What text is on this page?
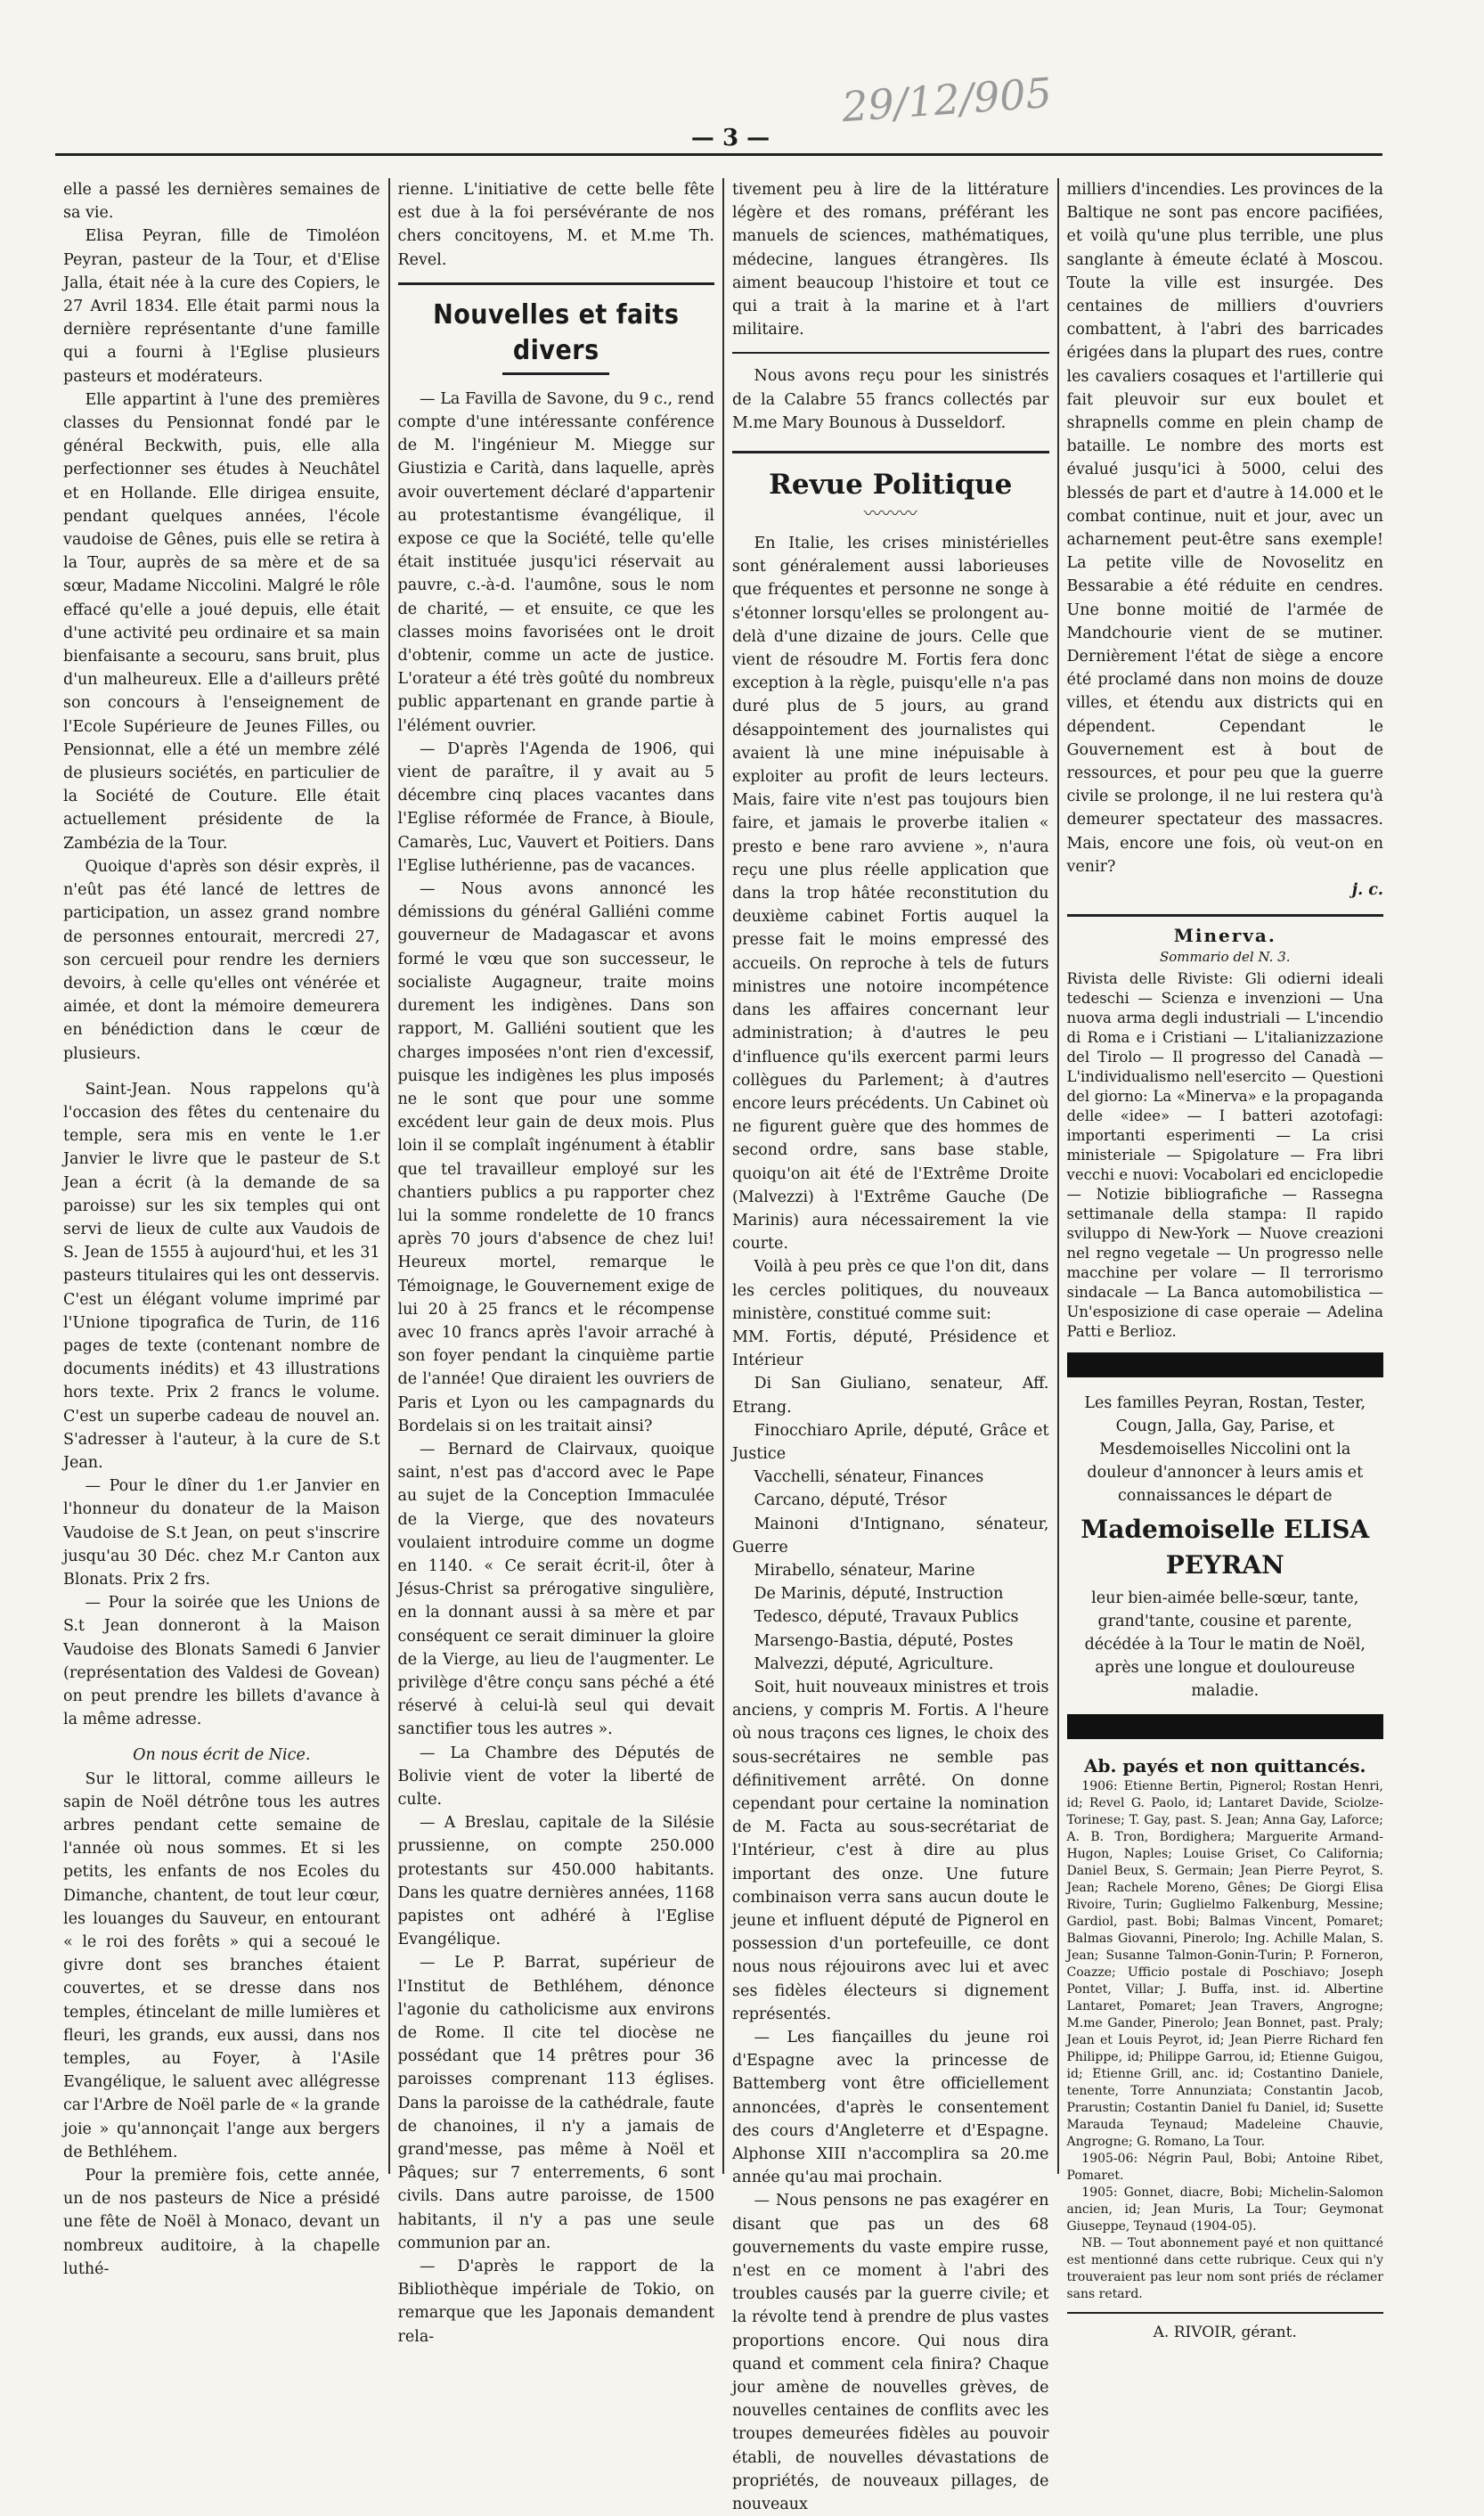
29/12/905
— 3 —

elle a passé les dernières semaines de sa vie.

Elisa Peyran, fille de Timoléon Peyran, pasteur de la Tour, et d'Elise Jalla, était née à la cure des Copiers, le 27 Avril 1834. Elle était parmi nous la dernière représentante d'une famille qui a fourni à l'Eglise plusieurs pasteurs et modérateurs.

Elle appartint à l'une des premières classes du Pensionnat fondé par le général Beckwith, puis, elle alla perfectionner ses études à Neuchâtel et en Hollande. Elle dirigea ensuite, pendant quelques années, l'école vaudoise de Gênes, puis elle se retira à la Tour, auprès de sa mère et de sa sœur, Madame Niccolini. Malgré le rôle effacé qu'elle a joué depuis, elle était d'une activité peu ordinaire et sa main bienfaisante a secouru, sans bruit, plus d'un malheureux. Elle a d'ailleurs prêté son concours à l'enseignement de l'Ecole Supérieure de Jeunes Filles, ou Pensionnat, elle a été un membre zélé de plusieurs sociétés, en particulier de la Société de Couture. Elle était actuellement présidente de la Zambézia de la Tour.

Quoique d'après son désir exprès, il n'eût pas été lancé de lettres de participation, un assez grand nombre de personnes entourait, mercredi 27, son cercueil pour rendre les derniers devoirs, à celle qu'elles ont vénérée et aimée, et dont la mémoire demeurera en bénédiction dans le cœur de plusieurs.

Saint-Jean. Nous rappelons qu'à l'occasion des fêtes du centenaire du temple, sera mis en vente le 1.er Janvier le livre que le pasteur de S.t Jean a écrit (à la demande de sa paroisse) sur les six temples qui ont servi de lieux de culte aux Vaudois de S. Jean de 1555 à aujourd'hui, et les 31 pasteurs titulaires qui les ont desservis. C'est un élégant volume imprimé par l'Unione tipografica de Turin, de 116 pages de texte (contenant nombre de documents inédits) et 43 illustrations hors texte. Prix 2 francs le volume. C'est un superbe cadeau de nouvel an. S'adresser à l'auteur, à la cure de S.t Jean.

— Pour le dîner du 1.er Janvier en l'honneur du donateur de la Maison Vaudoise de S.t Jean, on peut s'inscrire jusqu'au 30 Déc. chez M.r Canton aux Blonats. Prix 2 frs.

— Pour la soirée que les Unions de S.t Jean donneront à la Maison Vaudoise des Blonats Samedi 6 Janvier (représentation des Valdesi de Govean) on peut prendre les billets d'avance à la même adresse.

On nous écrit de Nice.

Sur le littoral, comme ailleurs le sapin de Noël détrône tous les autres arbres pendant cette semaine de l'année où nous sommes. Et si les petits, les enfants de nos Ecoles du Dimanche, chantent, de tout leur cœur, les louanges du Sauveur, en entourant « le roi des forêts » qui a secoué le givre dont ses branches étaient couvertes, et se dresse dans nos temples, étincelant de mille lumières et fleuri, les grands, eux aussi, dans nos temples, au Foyer, à l'Asile Evangélique, le saluent avec allégresse car l'Arbre de Noël parle de « la grande joie » qu'annonçait l'ange aux bergers de Bethléhem.

Pour la première fois, cette année, un de nos pasteurs de Nice a présidé une fête de Noël à Monaco, devant un nombreux auditoire, à la chapelle luthé-

rienne. L'initiative de cette belle fête est due à la foi persévérante de nos chers concitoyens, M. et M.me Th. Revel.

Nouvelles et faits divers

— La Favilla de Savone, du 9 c., rend compte d'une intéressante conférence de M. l'ingénieur M. Miegge sur Giustizia e Carità, dans laquelle, après avoir ouvertement déclaré d'appartenir au protestantisme évangélique, il expose ce que la Société, telle qu'elle était instituée jusqu'ici réservait au pauvre, c.-à-d. l'aumône, sous le nom de charité, — et ensuite, ce que les classes moins favorisées ont le droit d'obtenir, comme un acte de justice. L'orateur a été très goûté du nombreux public appartenant en grande partie à l'élément ouvrier.

— D'après l'Agenda de 1906, qui vient de paraître, il y avait au 5 décembre cinq places vacantes dans l'Eglise réformée de France, à Bioule, Camarès, Luc, Vauvert et Poitiers. Dans l'Eglise luthérienne, pas de vacances.

— Nous avons annoncé les démissions du général Galliéni comme gouverneur de Madagascar et avons formé le vœu que son successeur, le socialiste Augagneur, traite moins durement les indigènes. Dans son rapport, M. Galliéni soutient que les charges imposées n'ont rien d'excessif, puisque les indigènes les plus imposés ne le sont que pour une somme excédent leur gain de deux mois. Plus loin il se complaît ingénument à établir que tel travailleur employé sur les chantiers publics a pu rapporter chez lui la somme rondelette de 10 francs après 70 jours d'absence de chez lui! Heureux mortel, remarque le Témoignage, le Gouvernement exige de lui 20 à 25 francs et le récompense avec 10 francs après l'avoir arraché à son foyer pendant la cinquième partie de l'année! Que diraient les ouvriers de Paris et Lyon ou les campagnards du Bordelais si on les traitait ainsi?

— Bernard de Clairvaux, quoique saint, n'est pas d'accord avec le Pape au sujet de la Conception Immaculée de la Vierge, que des novateurs voulaient introduire comme un dogme en 1140. « Ce serait écrit-il, ôter à Jésus-Christ sa prérogative singulière, en la donnant aussi à sa mère et par conséquent ce serait diminuer la gloire de la Vierge, au lieu de l'augmenter. Le privilège d'être conçu sans péché a été réservé à celui-là seul qui devait sanctifier tous les autres ».

— La Chambre des Députés de Bolivie vient de voter la liberté de culte.

— A Breslau, capitale de la Silésie prussienne, on compte 250.000 protestants sur 450.000 habitants. Dans les quatre dernières années, 1168 papistes ont adhéré à l'Eglise Evangélique.

— Le P. Barrat, supérieur de l'Institut de Bethléhem, dénonce l'agonie du catholicisme aux environs de Rome. Il cite tel diocèse ne possédant que 14 prêtres pour 36 paroisses comprenant 113 églises. Dans la paroisse de la cathédrale, faute de chanoines, il n'y a jamais de grand'messe, pas même à Noël et Pâques; sur 7 enterrements, 6 sont civils. Dans autre paroisse, de 1500 habitants, il n'y a pas une seule communion par an.

— D'après le rapport de la Bibliothèque impériale de Tokio, on remarque que les Japonais demandent rela-

tivement peu à lire de la littérature légère et des romans, préférant les manuels de sciences, mathématiques, médecine, langues étrangères. Ils aiment beaucoup l'histoire et tout ce qui a trait à la marine et à l'art militaire.

Nous avons reçu pour les sinistrés de la Calabre 55 francs collectés par M.me Mary Bounous à Dusseldorf.

Revue Politique
〰〰〰

En Italie, les crises ministérielles sont généralement aussi laborieuses que fréquentes et personne ne songe à s'étonner lorsqu'elles se prolongent au-delà d'une dizaine de jours. Celle que vient de résoudre M. Fortis fera donc exception à la règle, puisqu'elle n'a pas duré plus de 5 jours, au grand désappointement des journalistes qui avaient là une mine inépuisable à exploiter au profit de leurs lecteurs. Mais, faire vite n'est pas toujours bien faire, et jamais le proverbe italien « presto e bene raro avviene », n'aura reçu une plus réelle application que dans la trop hâtée reconstitution du deuxième cabinet Fortis auquel la presse fait le moins empressé des accueils. On reproche à tels de futurs ministres une notoire incompétence dans les affaires concernant leur administration; à d'autres le peu d'influence qu'ils exercent parmi leurs collègues du Parlement; à d'autres encore leurs précédents. Un Cabinet où ne figurent guère que des hommes de second ordre, sans base stable, quoiqu'on ait été de l'Extrême Droite (Malvezzi) à l'Extrême Gauche (De Marinis) aura nécessairement la vie courte.

Voilà à peu près ce que l'on dit, dans les cercles politiques, du nouveaux ministère, constitué comme suit:

MM. Fortis, député, Présidence et Intérieur

Di San Giuliano, senateur, Aff. Etrang.

Finocchiaro Aprile, député, Grâce et Justice

Vacchelli, sénateur, Finances

Carcano, député, Trésor

Mainoni d'Intignano, sénateur, Guerre

Mirabello, sénateur, Marine

De Marinis, député, Instruction

Tedesco, député, Travaux Publics

Marsengo-Bastia, député, Postes

Malvezzi, député, Agriculture.

Soit, huit nouveaux ministres et trois anciens, y compris M. Fortis. A l'heure où nous traçons ces lignes, le choix des sous-secrétaires ne semble pas définitivement arrêté. On donne cependant pour certaine la nomination de M. Facta au sous-secrétariat de l'Intérieur, c'est à dire au plus important des onze. Une future combinaison verra sans aucun doute le jeune et influent député de Pignerol en possession d'un portefeuille, ce dont nous nous réjouirons avec lui et avec ses fidèles électeurs si dignement représentés.

— Les fiançailles du jeune roi d'Espagne avec la princesse de Battemberg vont être officiellement annoncées, d'après le consentement des cours d'Angleterre et d'Espagne. Alphonse XIII n'accomplira sa 20.me année qu'au mai prochain.

— Nous pensons ne pas exagérer en disant que pas un des 68 gouvernements du vaste empire russe, n'est en ce moment à l'abri des troubles causés par la guerre civile; et la révolte tend à prendre de plus vastes proportions encore. Qui nous dira quand et comment cela finira? Chaque jour amène de nouvelles grèves, de nouvelles centaines de conflits avec les troupes demeurées fidèles au pouvoir établi, de nouvelles dévastations de propriétés, de nouveaux pillages, de nouveaux

milliers d'incendies. Les provinces de la Baltique ne sont pas encore pacifiées, et voilà qu'une plus terrible, une plus sanglante à émeute éclaté à Moscou. Toute la ville est insurgée. Des centaines de milliers d'ouvriers combattent, à l'abri des barricades érigées dans la plupart des rues, contre les cavaliers cosaques et l'artillerie qui fait pleuvoir sur eux boulet et shrapnells comme en plein champ de bataille. Le nombre des morts est évalué jusqu'ici à 5000, celui des blessés de part et d'autre à 14.000 et le combat continue, nuit et jour, avec un acharnement peut-être sans exemple! La petite ville de Novoselitz en Bessarabie a été réduite en cendres. Une bonne moitié de l'armée de Mandchourie vient de se mutiner. Dernièrement l'état de siège a encore été proclamé dans non moins de douze villes, et étendu aux districts qui en dépendent. Cependant le Gouvernement est à bout de ressources, et pour peu que la guerre civile se prolonge, il ne lui restera qu'à demeurer spectateur des massacres. Mais, encore une fois, où veut-on en venir?

j. c.
Minerva.
Sommario del N. 3.

Rivista delle Riviste: Gli odierni ideali tedeschi — Scienza e invenzioni — Una nuova arma degli industriali — L'incendio di Roma e i Cristiani — L'italianizzazione del Tirolo — Il progresso del Canadà — L'individualismo nell'esercito — Questioni del giorno: La «Minerva» e la propaganda delle «idee» — I batteri azotofagi: importanti esperimenti — La crisi ministeriale — Spigolature — Fra libri vecchi e nuovi: Vocabolari ed enciclopedie — Notizie bibliografiche — Rassegna settimanale della stampa: Il rapido sviluppo di New-York — Nuove creazioni nel regno vegetale — Un progresso nelle macchine per volare — Il terrorismo sindacale — La Banca automobilistica — Un'esposizione di case operaie — Adelina Patti e Berlioz.

Les familles Peyran, Rostan, Tester, Cougn, Jalla, Gay, Parise, et Mesdemoiselles Niccolini ont la douleur d'annoncer à leurs amis et connaissances le départ de

Mademoiselle ELISA PEYRAN

leur bien-aimée belle-sœur, tante, grand'tante, cousine et parente, décédée à la Tour le matin de Noël, après une longue et douloureuse maladie.

Ab. payés et non quittancés.

1906: Etienne Bertin, Pignerol; Rostan Henri, id; Revel G. Paolo, id; Lantaret Davide, Sciolze-Torinese; T. Gay, past. S. Jean; Anna Gay, Laforce; A. B. Tron, Bordighera; Marguerite Armand-Hugon, Naples; Louise Griset, Co California; Daniel Beux, S. Germain; Jean Pierre Peyrot, S. Jean; Rachele Moreno, Gênes; De Giorgi Elisa Rivoire, Turin; Guglielmo Falkenburg, Messine; Gardiol, past. Bobi; Balmas Vincent, Pomaret; Balmas Giovanni, Pinerolo; Ing. Achille Malan, S. Jean; Susanne Talmon-Gonin-Turin; P. Forneron, Coazze; Ufficio postale di Poschiavo; Joseph Pontet, Villar; J. Buffa, inst. id. Albertine Lantaret, Pomaret; Jean Travers, Angrogne; M.me Gander, Pinerolo; Jean Bonnet, past. Praly; Jean et Louis Peyrot, id; Jean Pierre Richard fen Philippe, id; Philippe Garrou, id; Etienne Guigou, id; Etienne Grill, anc. id; Costantino Daniele, tenente, Torre Annunziata; Constantin Jacob, Prarustin; Costantin Daniel fu Daniel, id; Susette Marauda Teynaud; Madeleine Chauvie, Angrogne; G. Romano, La Tour.

1905-06: Négrin Paul, Bobi; Antoine Ribet, Pomaret.

1905: Gonnet, diacre, Bobi; Michelin-Salomon ancien, id; Jean Muris, La Tour; Geymonat Giuseppe, Teynaud (1904-05).

NB. — Tout abonnement payé et non quittancé est mentionné dans cette rubrique. Ceux qui n'y trouveraient pas leur nom sont priés de réclamer sans retard.

A. RIVOIR, gérant.
